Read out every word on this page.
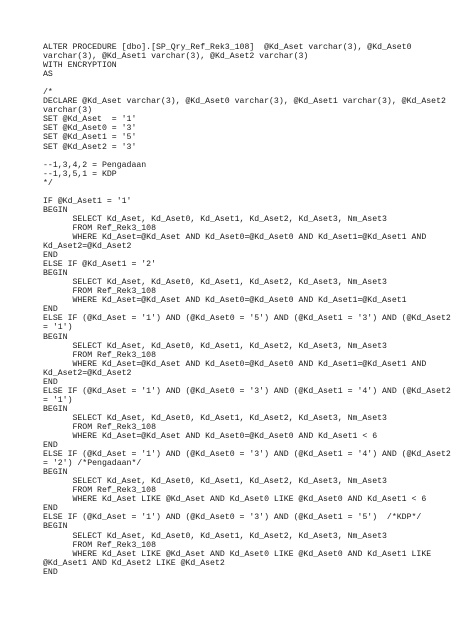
ALTER PROCEDURE [dbo].[SP_Qry_Ref_Rek3_108]  @Kd_Aset varchar(3), @Kd_Aset0
varchar(3), @Kd_Aset1 varchar(3), @Kd_Aset2 varchar(3)
WITH ENCRYPTION
AS
/*
DECLARE @Kd_Aset varchar(3), @Kd_Aset0 varchar(3), @Kd_Aset1 varchar(3), @Kd_Aset2
varchar(3)
SET @Kd_Aset  = '1'
SET @Kd_Aset0 = '3'
SET @Kd_Aset1 = '5'
SET @Kd_Aset2 = '3'
--1,3,4,2 = Pengadaan
--1,3,5,1 = KDP
*/
IF @Kd_Aset1 = '1'
BEGIN
SELECT Kd_Aset, Kd_Aset0, Kd_Aset1, Kd_Aset2, Kd_Aset3, Nm_Aset3
FROM Ref_Rek3_108
WHERE Kd_Aset=@Kd_Aset AND Kd_Aset0=@Kd_Aset0 AND Kd_Aset1=@Kd_Aset1 AND
Kd_Aset2=@Kd_Aset2
END
ELSE IF @Kd_Aset1 = '2'
BEGIN
SELECT Kd_Aset, Kd_Aset0, Kd_Aset1, Kd_Aset2, Kd_Aset3, Nm_Aset3
FROM Ref_Rek3_108
WHERE Kd_Aset=@Kd_Aset AND Kd_Aset0=@Kd_Aset0 AND Kd_Aset1=@Kd_Aset1
END
ELSE IF (@Kd_Aset = '1') AND (@Kd_Aset0 = '5') AND (@Kd_Aset1 = '3') AND (@Kd_Aset2
= '1')
BEGIN
SELECT Kd_Aset, Kd_Aset0, Kd_Aset1, Kd_Aset2, Kd_Aset3, Nm_Aset3
FROM Ref_Rek3_108
WHERE Kd_Aset=@Kd_Aset AND Kd_Aset0=@Kd_Aset0 AND Kd_Aset1=@Kd_Aset1 AND
Kd_Aset2=@Kd_Aset2
END
ELSE IF (@Kd_Aset = '1') AND (@Kd_Aset0 = '3') AND (@Kd_Aset1 = '4') AND (@Kd_Aset2
= '1')
BEGIN
SELECT Kd_Aset, Kd_Aset0, Kd_Aset1, Kd_Aset2, Kd_Aset3, Nm_Aset3
FROM Ref_Rek3_108
WHERE Kd_Aset=@Kd_Aset AND Kd_Aset0=@Kd_Aset0 AND Kd_Aset1 < 6
END
ELSE IF (@Kd_Aset = '1') AND (@Kd_Aset0 = '3') AND (@Kd_Aset1 = '4') AND (@Kd_Aset2
= '2') /*Pengadaan*/
BEGIN
SELECT Kd_Aset, Kd_Aset0, Kd_Aset1, Kd_Aset2, Kd_Aset3, Nm_Aset3
FROM Ref_Rek3_108
WHERE Kd_Aset LIKE @Kd_Aset AND Kd_Aset0 LIKE @Kd_Aset0 AND Kd_Aset1 < 6
END
ELSE IF (@Kd_Aset = '1') AND (@Kd_Aset0 = '3') AND (@Kd_Aset1 = '5')  /*KDP*/
BEGIN
SELECT Kd_Aset, Kd_Aset0, Kd_Aset1, Kd_Aset2, Kd_Aset3, Nm_Aset3
FROM Ref_Rek3_108
WHERE Kd_Aset LIKE @Kd_Aset AND Kd_Aset0 LIKE @Kd_Aset0 AND Kd_Aset1 LIKE
@Kd_Aset1 AND Kd_Aset2 LIKE @Kd_Aset2
END
